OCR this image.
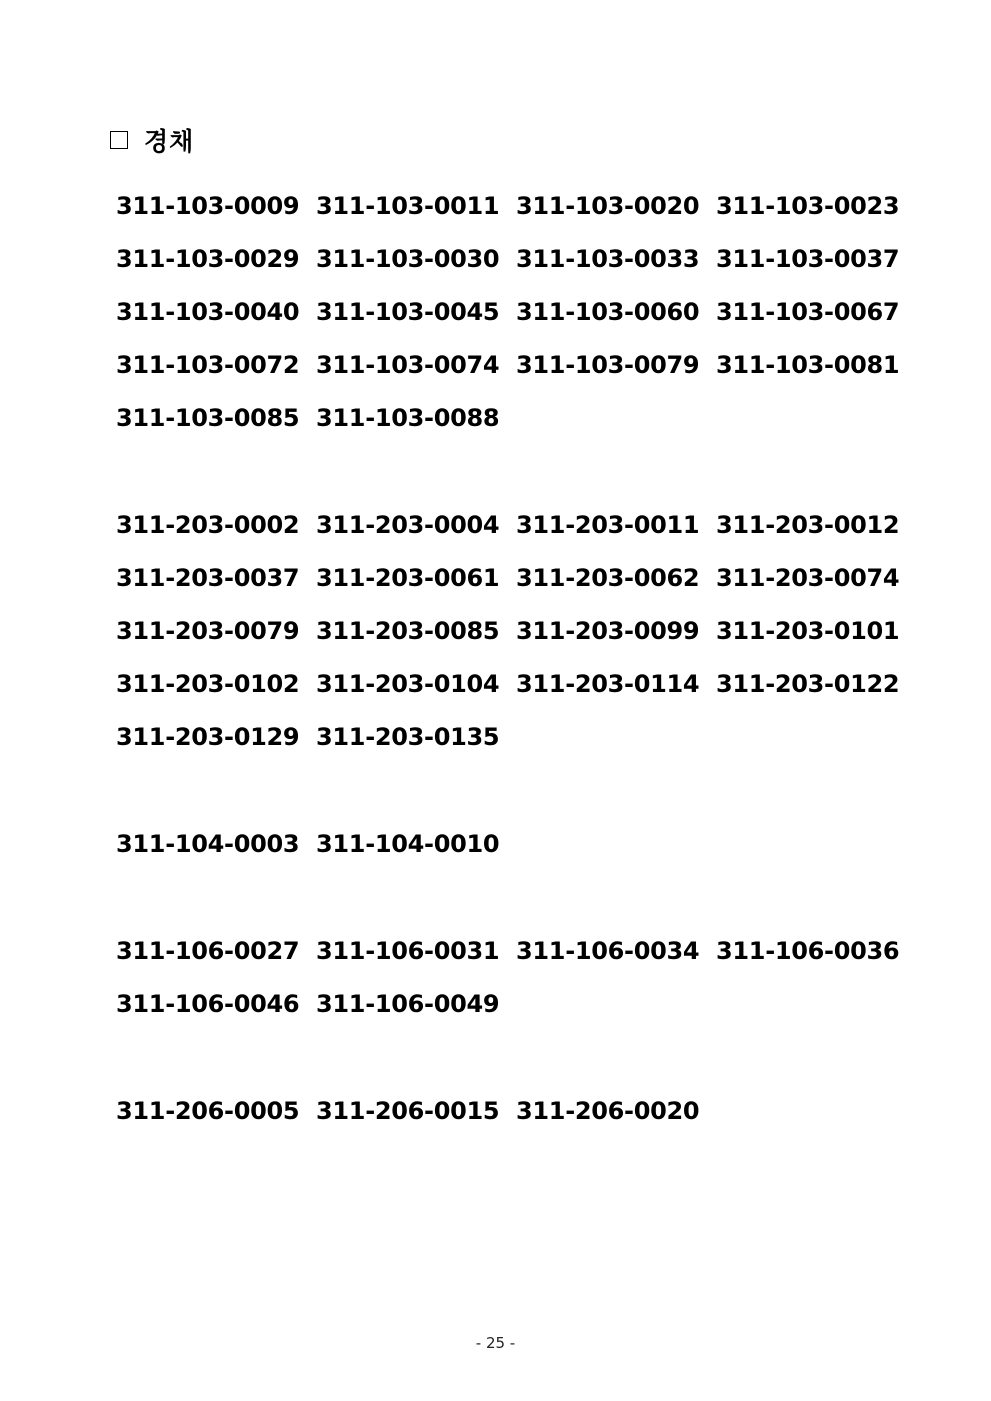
경채
311-103-0009 311-103-0011 311-103-0020 311-103-0023
311-103-0029 311-103-0030 311-103-0033 311-103-0037
311-103-0040 311-103-0045 311-103-0060 311-103-0067
311-103-0072 311-103-0074 311-103-0079 311-103-0081
311-103-0085 311-103-0088
311-203-0002 311-203-0004 311-203-0011 311-203-0012
311-203-0037 311-203-0061 311-203-0062 311-203-0074
311-203-0079 311-203-0085 311-203-0099 311-203-0101
311-203-0102 311-203-0104 311-203-0114 311-203-0122
311-203-0129 311-203-0135
311-104-0003 311-104-0010
311-106-0027 311-106-0031 311-106-0034 311-106-0036
311-106-0046 311-106-0049
311-206-0005 311-206-0015 311-206-0020
- 25 -
